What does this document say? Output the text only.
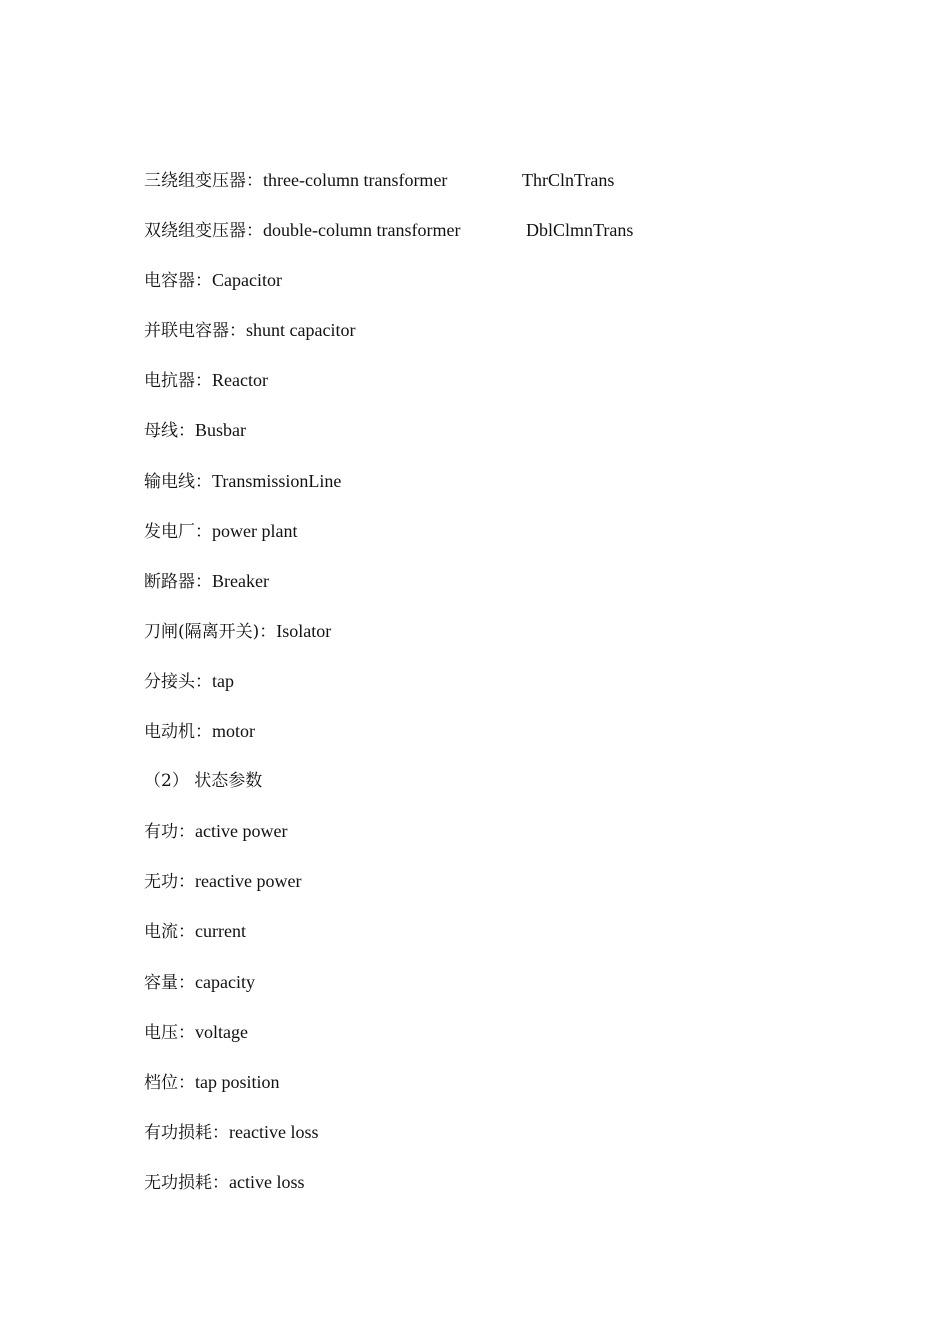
三绕组变压器：three-column transformer	ThrClnTrans
双绕组变压器：double-column transformer	DblClmnTrans
电容器：Capacitor
并联电容器：shunt capacitor
电抗器：Reactor
母线：Busbar
输电线：TransmissionLine
发电厂：power plant
断路器：Breaker
刀闸(隔离开关)：Isolator
分接头：tap
电动机：motor
（2） 状态参数
有功：active power
无功：reactive power
电流：current
容量：capacity
电压：voltage
档位：tap position
有功损耗：reactive loss
无功损耗：active loss
